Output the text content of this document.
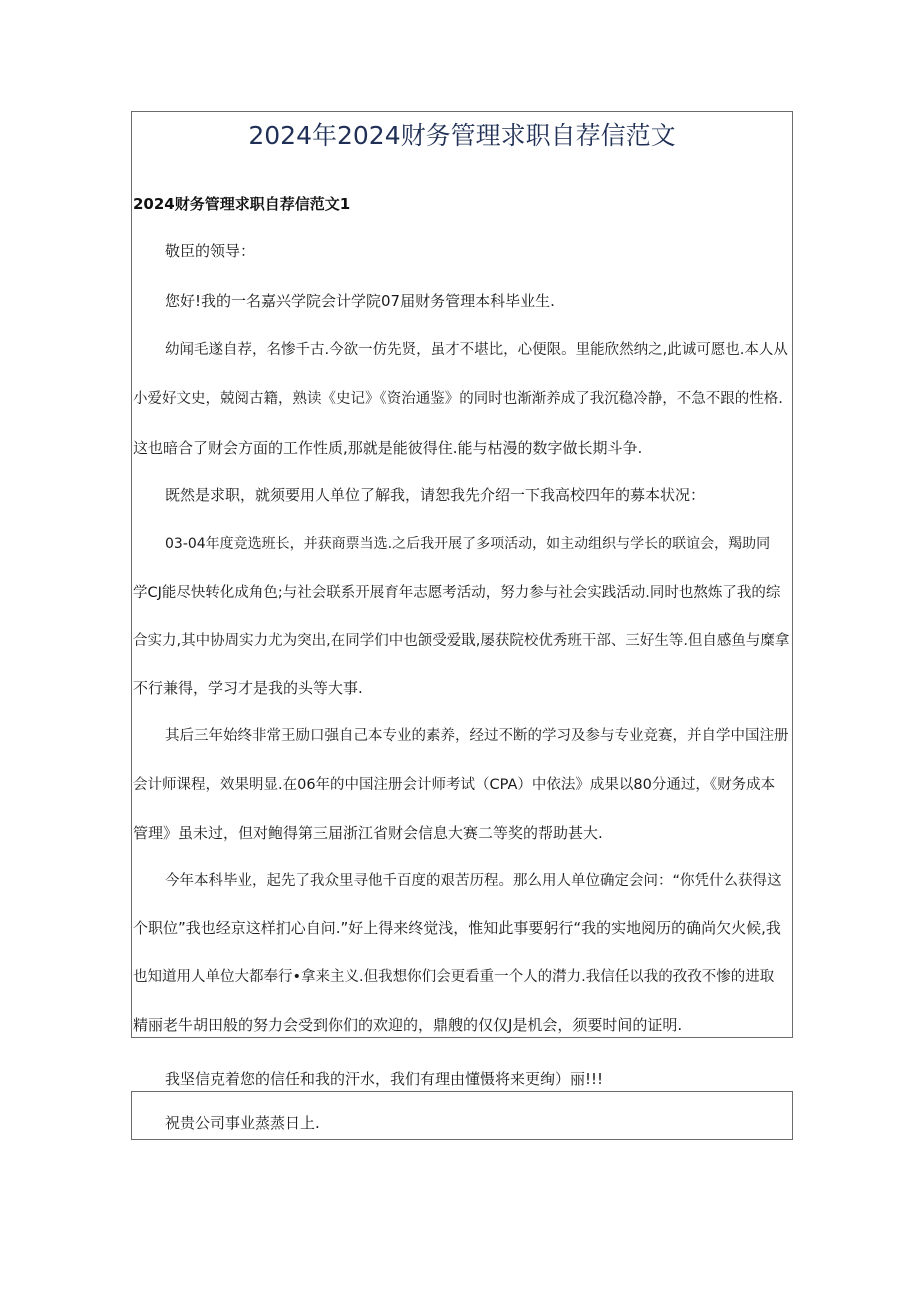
2024年2024财务管理求职自荐信范文
2024财务管理求职自荐信范文1
敬臣的领导：
您好!我的一名嘉兴学院会计学院07届财务管理本科毕业生.
幼闻毛遂自荐，名惨千古.今欲一仿先贤，虽才不堪比，心便限。里能欣然纳之,此诚可愿也.本人从
小爱好文史，兢阅古籍，熟读《史记》《资治通鉴》的同时也渐渐养成了我沉稳冷静，不急不跟的性格.
这也暗合了财会方面的工作性质,那就是能彼得住.能与枯漫的数字做长期斗争.
既然是求职，就须要用人单位了解我，请恕我先介绍一下我高校四年的募本状况：
03-04年度竞选班长，并获商票当选.之后我开展了多项活动，如主动组织与学长的联谊会，羯助同
学CJ能尽快转化成角色;与社会联系开展育年志愿考活动，努力参与社会实践活动.同时也熬炼了我的综
合实力,其中协周实力尤为突出,在同学们中也颌受爱戢,屡获院校优秀班干部、三好生等.但自感鱼与糜拿
不行兼得，学习才是我的头等大事.
其后三年始终非常王励口强自己本专业的素养，经过不断的学习及参与专业竞赛，并自学中国注册
会计师课程，效果明显.在06年的中国注册会计师考试（CPA）中依法》成果以80分通过，《财务成本
管理》虽未过，但对鲍得第三届浙江省财会信息大赛二等奖的帮助甚大.
今年本科毕业，起先了我众里寻他千百度的艰苦历程。那么用人单位确定会问：“你凭什么获得这
个职位”我也经京这样扪心自问.”好上得来终觉浅，惟知此事要躬行“我的实地阅历的确尚欠火候,我
也知道用人单位大都奉行•拿来主义.但我想你们会更看重一个人的潸力.我信任以我的孜孜不惨的进取
精丽老牛胡田般的努力会受到你们的欢迎的，鼎艘的仅仅J是机会，须要时间的证明.
我坚信克着您的信任和我的汗水，我们有理由懂慑将来更绚）丽!!!
祝贵公司事业蒸蒸日上.
